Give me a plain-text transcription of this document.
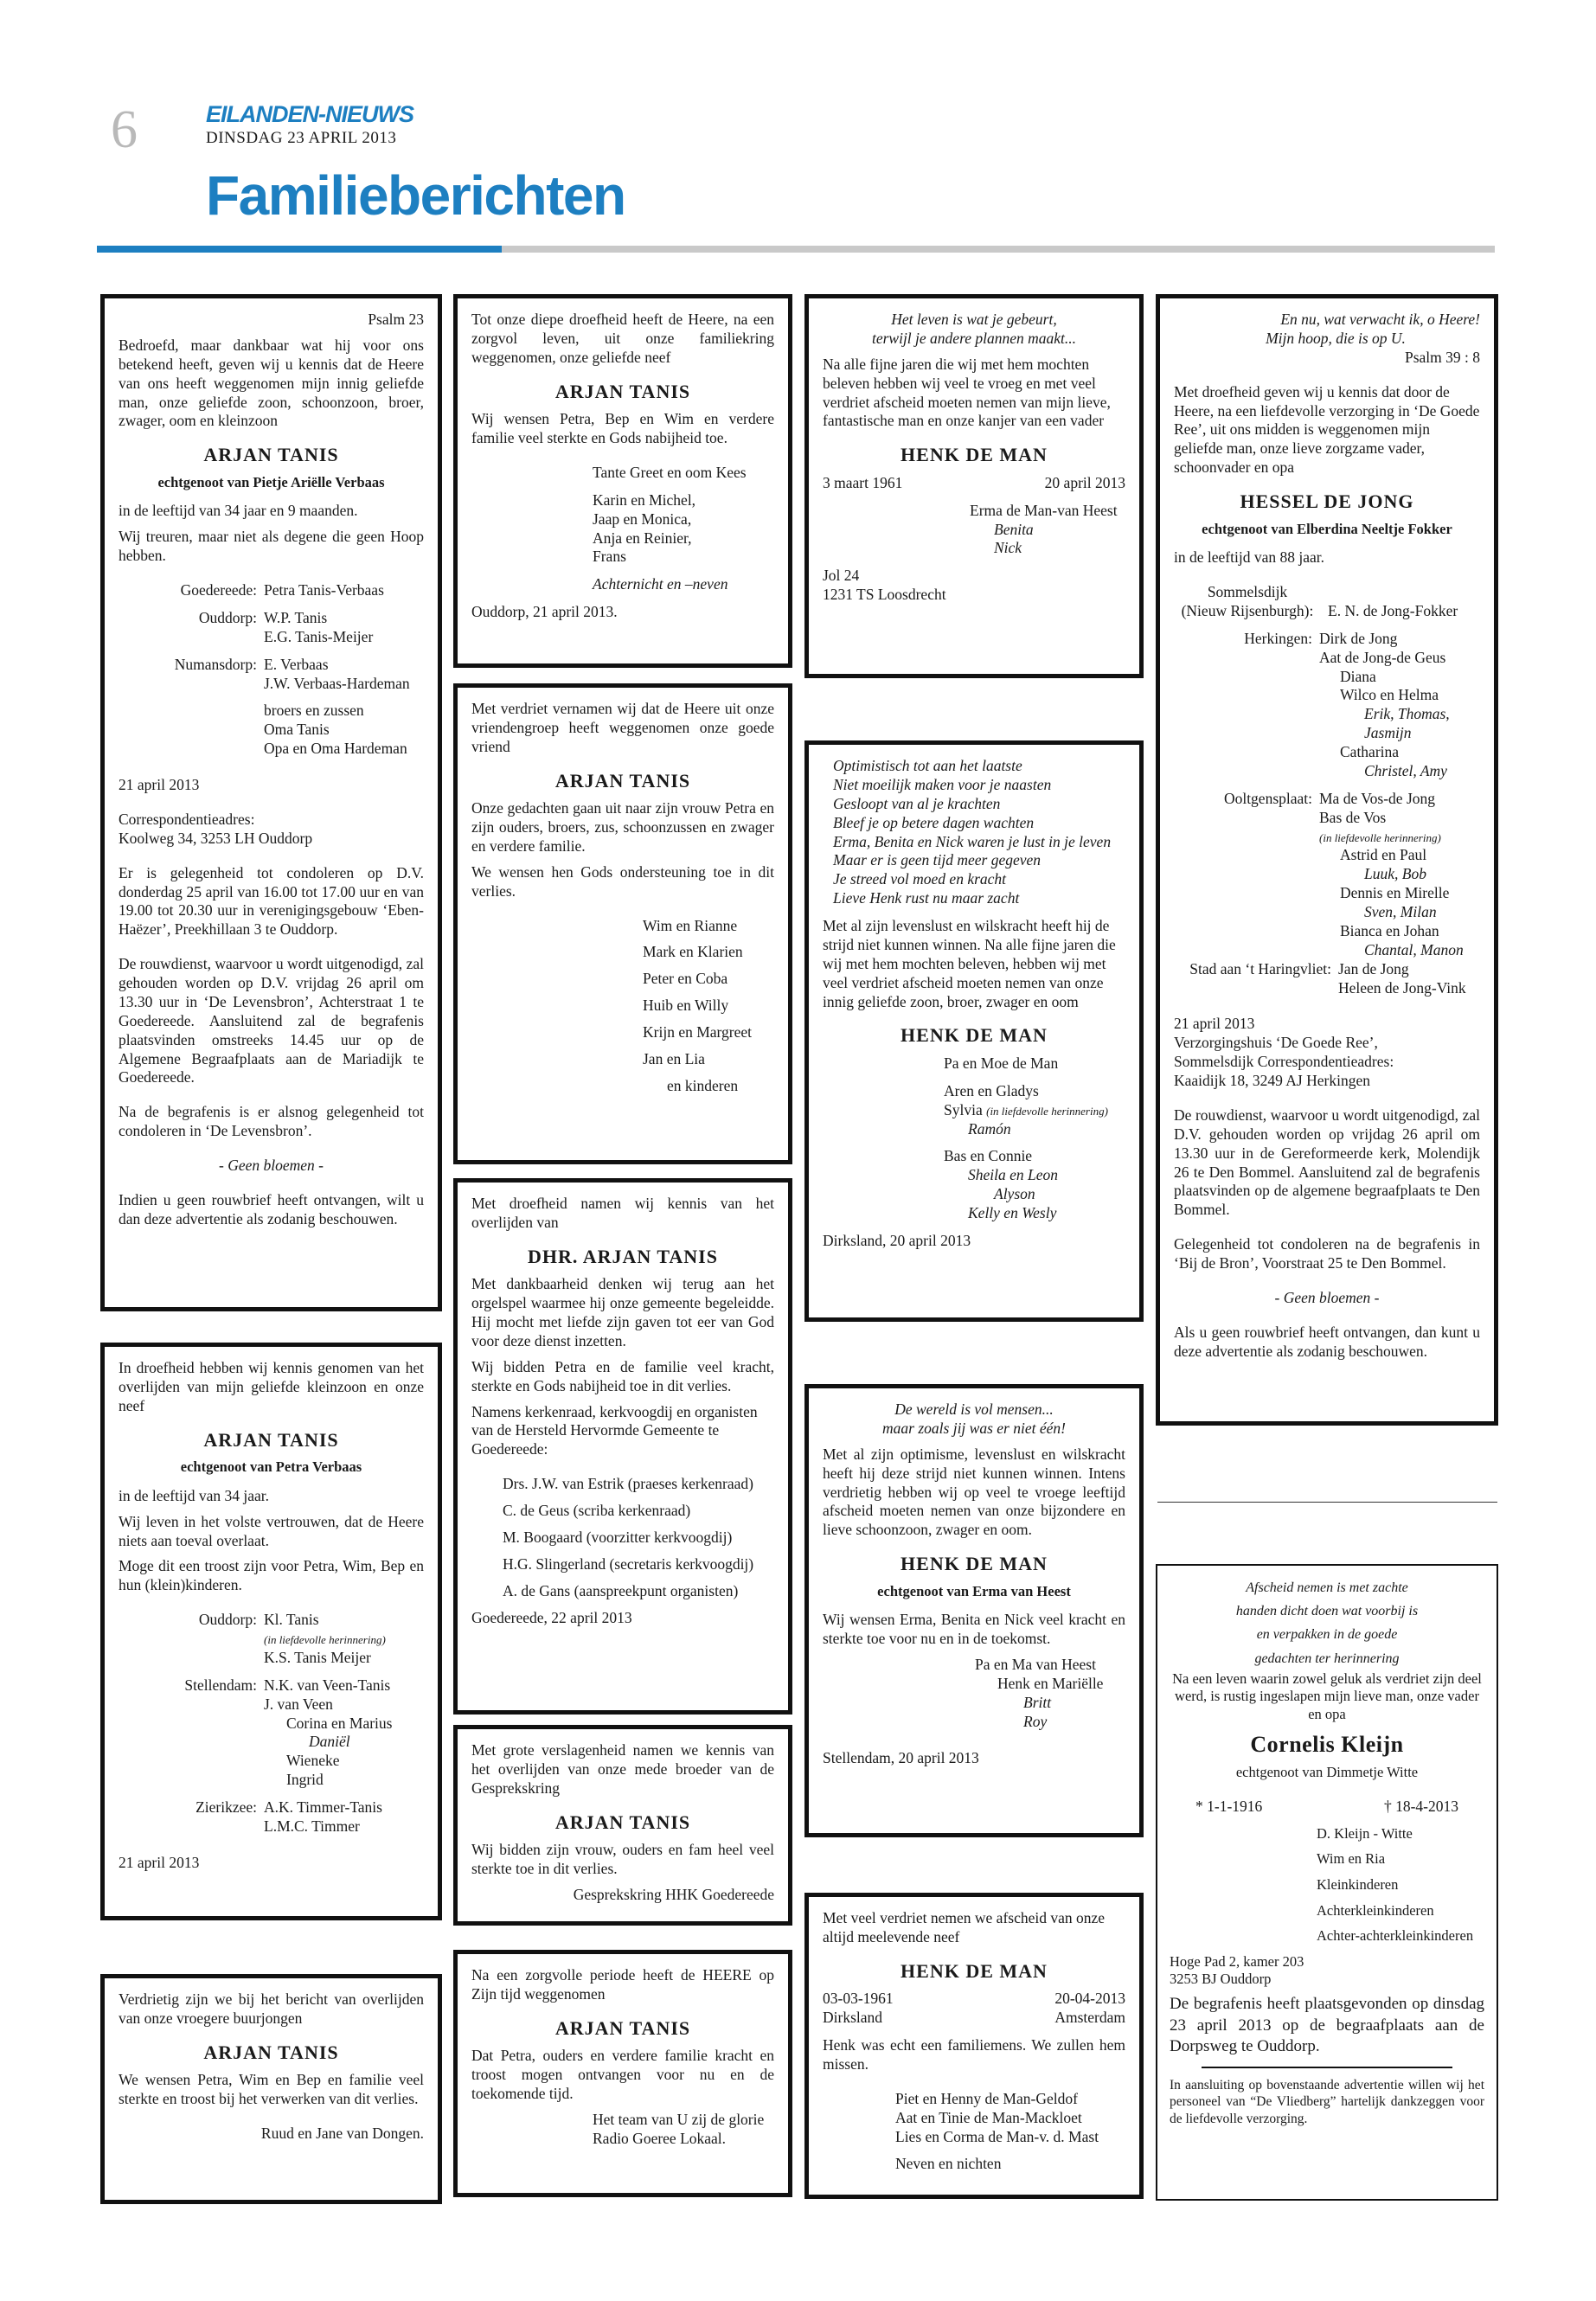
6	EILANDEN-NIEUWS
DINSDAG 23 APRIL 2013
Familieberichten

Psalm 23

Bedroefd, maar dankbaar wat hij voor ons betekend heeft, geven wij u kennis dat de Heere van ons heeft weggenomen mijn innig geliefde man, onze geliefde zoon, schoonzoon, broer, zwager, oom en kleinzoon

ARJAN TANIS
echtgenoot van Pietje Ariëlle Verbaas

in de leeftijd van 34 jaar en 9 maanden.

Wij treuren, maar niet als degene die geen Hoop hebben.

Goedereede: Petra Tanis-Verbaas
Ouddorp: W.P. Tanis
E.G. Tanis-Meijer
Numansdorp: E. Verbaas
J.W. Verbaas-Hardeman
broers en zussen
Oma Tanis
Opa en Oma Hardeman

21 april 2013

Correspondentieadres:

Koolweg 34, 3253 LH Ouddorp

Er is gelegenheid tot condoleren op D.V. donderdag 25 april van 16.00 tot 17.00 uur en van 19.00 tot 20.30 uur in verenigingsgebouw ‘Eben-Haëzer’, Preekhillaan 3 te Ouddorp.

De rouwdienst, waarvoor u wordt uitgenodigd, zal gehouden worden op D.V. vrijdag 26 april om 13.30 uur in ‘De Levensbron’, Achterstraat 1 te Goedereede. Aansluitend zal de begrafenis plaatsvinden omstreeks 14.45 uur op de Algemene Begraafplaats aan de Mariadijk te Goedereede.

Na de begrafenis is er alsnog gelegenheid tot condoleren in ‘De Levensbron’.

- Geen bloemen -

Indien u geen rouwbrief heeft ontvangen, wilt u dan deze advertentie als zodanig beschouwen.

In droefheid hebben wij kennis genomen van het overlijden van mijn geliefde kleinzoon en onze neef

ARJAN TANIS
echtgenoot van Petra Verbaas

in de leeftijd van 34 jaar.

Wij leven in het volste vertrouwen, dat de Heere niets aan toeval overlaat.

Moge dit een troost zijn voor Petra, Wim, Bep en hun (klein)kinderen.

Ouddorp: Kl. Tanis
(in liefdevolle herinnering)
K.S. Tanis Meijer
Stellendam: N.K. van Veen-Tanis
J. van Veen
Corina en Marius
Daniël
Wieneke
Ingrid
Zierikzee: A.K. Timmer-Tanis
L.M.C. Timmer

21 april 2013

Verdrietig zijn we bij het bericht van overlijden van onze vroegere buurjongen

ARJAN TANIS

We wensen Petra, Wim en Bep en familie veel sterkte en troost bij het verwerken van dit verlies.

Ruud en Jane van Dongen.

Tot onze diepe droefheid heeft de Heere, na een zorgvol leven, uit onze familiekring weggenomen, onze geliefde neef

ARJAN TANIS

Wij wensen Petra, Bep en Wim en verdere familie veel sterkte en Gods nabijheid toe.

Tante Greet en oom Kees
Karin en Michel,
Jaap en Monica,
Anja en Reinier,
Frans
Achternicht en –neven

Ouddorp, 21 april 2013.

Met verdriet vernamen wij dat de Heere uit onze vriendengroep heeft weggenomen onze goede vriend

ARJAN TANIS

Onze gedachten gaan uit naar zijn vrouw Petra en zijn ouders, broers, zus, schoonzussen en zwager en verdere familie.

We wensen hen Gods ondersteuning toe in dit verlies.

Wim en Rianne
Mark en Klarien
Peter en Coba
Huib en Willy
Krijn en Margreet
Jan en Lia
en kinderen

Met droefheid namen wij kennis van het overlijden van

DHR. ARJAN TANIS

Met dankbaarheid denken wij terug aan het orgelspel waarmee hij onze gemeente begeleidde. Hij mocht met liefde zijn gaven tot eer van God voor deze dienst inzetten.

Wij bidden Petra en de familie veel kracht, sterkte en Gods nabijheid toe in dit verlies.

Namens kerkenraad, kerkvoogdij en organisten van de Hersteld Hervormde Gemeente te Goedereede:

Drs. J.W. van Estrik (praeses kerkenraad)
C. de Geus (scriba kerkenraad)
M. Boogaard (voorzitter kerkvoogdij)
H.G. Slingerland (secretaris kerkvoogdij)
A. de Gans (aanspreekpunt organisten)

Goedereede, 22 april 2013

Met grote verslagenheid namen we kennis van het overlijden van onze mede broeder van de Gesprekskring

ARJAN TANIS

Wij bidden zijn vrouw, ouders en fam heel veel sterkte toe in dit verlies.

Gesprekskring HHK Goedereede

Na een zorgvolle periode heeft de HEERE op Zijn tijd weggenomen

ARJAN TANIS

Dat Petra, ouders en verdere familie kracht en troost mogen ontvangen voor nu en de toekomende tijd.

Het team van U zij de glorie
Radio Goeree Lokaal.
Het leven is wat je gebeurt,

terwijl je andere plannen maakt...

Na alle fijne jaren die wij met hem mochten beleven hebben wij veel te vroeg en met veel verdriet afscheid moeten nemen van mijn lieve, fantastische man en onze kanjer van een vader

HENK DE MAN
3 maart 1961	20 april 2013
Erma de Man-van Heest
Benita
Nick
Jol 24
1231 TS Loosdrecht
Optimistisch tot aan het laatste
Niet moeilijk maken voor je naasten
Gesloopt van al je krachten
Bleef je op betere dagen wachten
Erma, Benita en Nick waren je lust in je leven
Maar er is geen tijd meer gegeven
Je streed vol moed en kracht
Lieve Henk rust nu maar zacht

Met al zijn levenslust en wilskracht heeft hij de strijd niet kunnen winnen. Na alle fijne jaren die wij met hem mochten beleven, hebben wij met veel verdriet afscheid moeten nemen van onze innig geliefde zoon, broer, zwager en oom

HENK DE MAN
Pa en Moe de Man
Aren en Gladys
Sylvia (in liefdevolle herinnering)
Ramón
Bas en Connie
Sheila en Leon
Alyson
Kelly en Wesly
Dirksland, 20 april 2013
De wereld is vol mensen...

maar zoals jij was er niet één!

Met al zijn optimisme, levenslust en wilskracht heeft hij deze strijd niet kunnen winnen. Intens verdrietig hebben wij op veel te vroege leeftijd afscheid moeten nemen van onze bijzondere en lieve schoonzoon, zwager en oom.

HENK DE MAN
echtgenoot van Erma van Heest

Wij wensen Erma, Benita en Nick veel kracht en sterkte toe voor nu en in de toekomst.

Pa en Ma van Heest
Henk en Mariëlle
Britt
Roy
Stellendam, 20 april 2013

Met veel verdriet nemen we afscheid van onze altijd meelevende neef

HENK DE MAN
03-03-1961	20-04-2013
Dirksland	Amsterdam

Henk was echt een familiemens. We zullen hem missen.

Piet en Henny de Man-Geldof
Aat en Tinie de Man-Mackloet
Lies en Corma de Man-v. d. Mast
Neven en nichten
En nu, wat verwacht ik, o Heere!
Mijn hoop, die is op U.

Psalm 39 : 8

Met droefheid geven wij u kennis dat door de Heere, na een liefdevolle verzorging in ‘De Goede Ree’, uit ons midden is weggenomen mijn geliefde man, onze lieve zorgzame vader, schoonvader en opa

HESSEL DE JONG
echtgenoot van Elberdina Neeltje Fokker

in de leeftijd van 88 jaar.

Sommelsdijk
(Nieuw Rijsenburgh): E. N. de Jong-Fokker
Herkingen: Dirk de Jong
Aat de Jong-de Geus
Diana
Wilco en Helma
Erik, Thomas,
Jasmijn
Catharina
Christel, Amy
Ooltgensplaat: Ma de Vos-de Jong
Bas de Vos
(in liefdevolle herinnering)
Astrid en Paul
Luuk, Bob
Dennis en Mirelle
Sven, Milan
Bianca en Johan
Chantal, Manon
Stad aan ‘t Haringvliet: Jan de Jong
Heleen de Jong-Vink
21 april 2013
Verzorgingshuis ‘De Goede Ree’,
Sommelsdijk Correspondentieadres:

Kaaidijk 18, 3249 AJ Herkingen

De rouwdienst, waarvoor u wordt uitgenodigd, zal D.V. gehouden worden op vrijdag 26 april om 13.30 uur in de Gereformeerde kerk, Molendijk 26 te Den Bommel. Aansluitend zal de begrafenis plaatsvinden op de algemene begraafplaats te Den Bommel.

Gelegenheid tot condoleren na de begrafenis in ‘Bij de Bron’, Voorstraat 25 te Den Bommel.

- Geen bloemen -

Als u geen rouwbrief heeft ontvangen, dan kunt u deze advertentie als zodanig beschouwen.

Afscheid nemen is met zachte
handen dicht doen wat voorbij is
en verpakken in de goede
gedachten ter herinnering

Na een leven waarin zowel geluk als verdriet zijn deel werd, is rustig ingeslapen mijn lieve man, onze vader en opa

Cornelis Kleijn

echtgenoot van Dimmetje Witte

* 1-1-1916	† 18-4-2013
D. Kleijn - Witte
Wim en Ria
Kleinkinderen
Achterkleinkinderen
Achter-achterkleinkinderen
Hoge Pad 2, kamer 203
3253 BJ Ouddorp

De begrafenis heeft plaatsgevonden op dinsdag 23 april 2013 op de begraafplaats aan de Dorpsweg te Ouddorp.

In aansluiting op bovenstaande advertentie willen wij het personeel van “De Vliedberg” hartelijk dankzeggen voor de liefdevolle verzorging.
